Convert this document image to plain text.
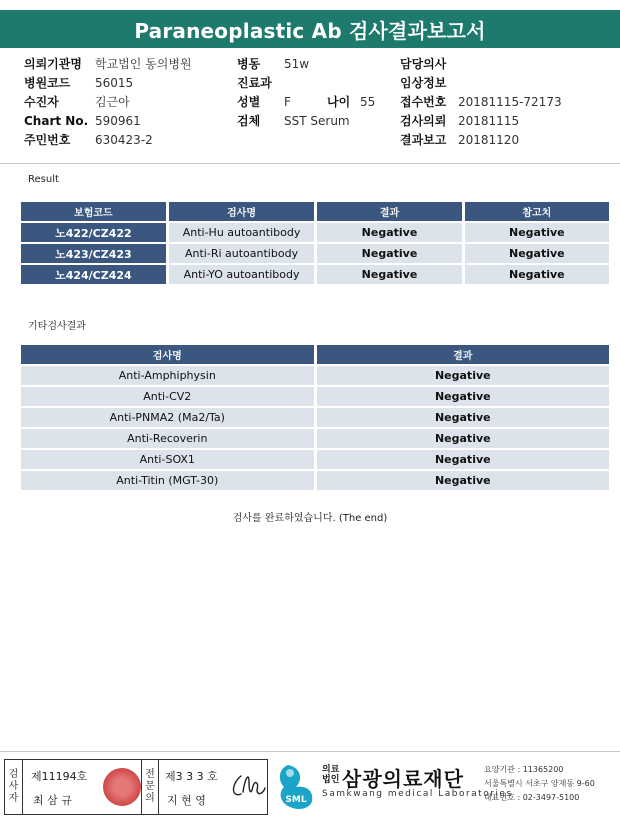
Paraneoplastic Ab 검사결과보고서
의뢰기관명 학교법인 동의병원
병원코드 56015
수진자	김근아
Chart No. 590961
주민번호 630423-2
병동 51w
진료과
성별 F	나이 55
검체 SST Serum
담당의사
임상정보
접수번호 20181115-72173
검사의뢰 20181115
결과보고 20181120
Result
보험코드	검사명	결과	참고치
노422/CZ422	Anti-Hu autoantibody	Negative	Negative
노423/CZ423	Anti-Ri autoantibody	Negative	Negative
노424/CZ424	Anti-YO autoantibody	Negative	Negative
기타검사결과
검사명	결과
Anti-Amphiphysin	Negative
Anti-CV2	Negative
Anti-PNMA2 (Ma2/Ta)	Negative
Anti-Recoverin	Negative
Anti-SOX1	Negative
Anti-Titin (MGT-30)	Negative
검사를 완료하였습니다. (The end)
검
사
자
제11194호
최 삼 규
전
문
의
제3 3 3 호
지 현 영	SML
의료
법인 삼광의료재단
Samkwang medical Laboratories
요양기관 : 11365200
서울특별시 서초구 양재동 9-60
대표번호 : 02-3497-5100
